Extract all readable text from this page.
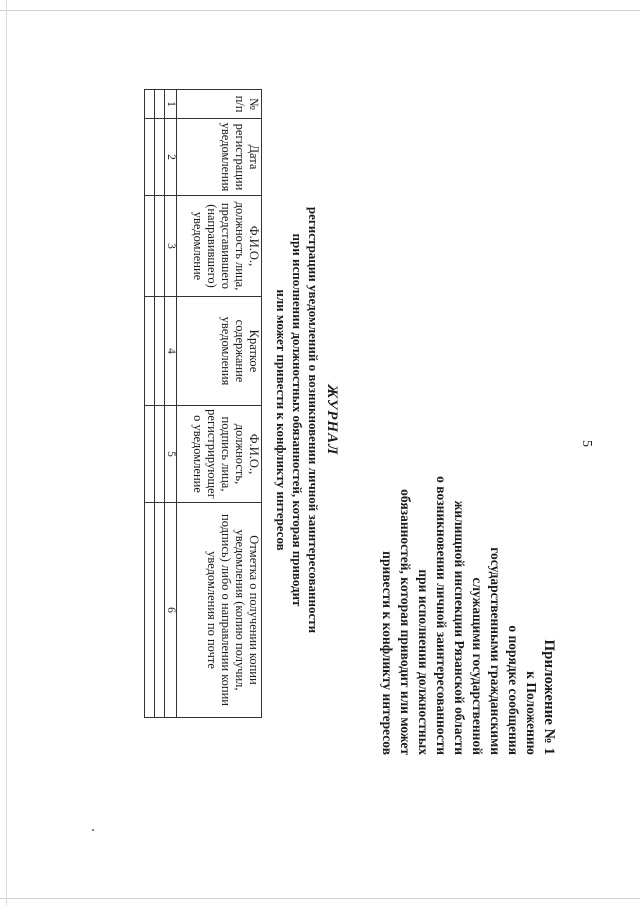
5
Приложение № 1
к Положению
о порядке сообщения
государственными гражданскими
служащими государственной
жилищной инспекции Рязанской области
о возникновении личной заинтересованности
при исполнении должностных
обязанностей, которая приводит или может
привести к конфликту интересов
ЖУРНАЛ
регистрации уведомлений о возникновении личной заинтересованности
при исполнении должностных обязанностей, которая приводит
или может привести к конфликту интересов
№ п/п	Дата регистрации уведомления	Ф.И.О., должность лица, представившего (направившего) уведомление	Краткое содержание уведомления	Ф.И.О., должность, подпись лица, регистрирующег о уведомление	Отметка о получении копии уведомления (копию получил, подпись) либо о направлении копии уведомления по почте
1	2	3	4	5	6
